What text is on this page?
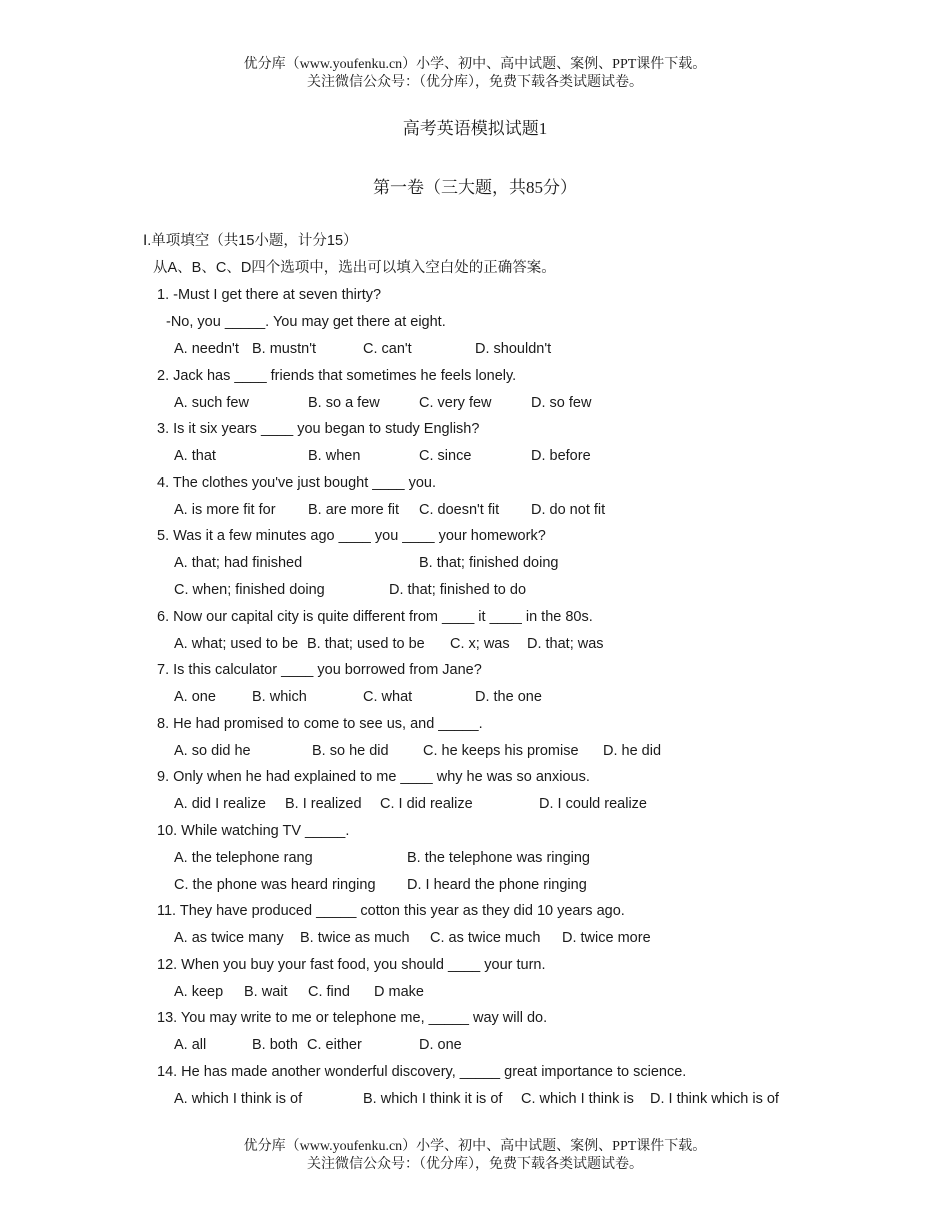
优分库（www.youfenku.cn）小学、初中、高中试题、案例、PPT课件下载。
关注微信公众号：（优分库），免费下载各类试题试卷。
高考英语模拟试题1
第一卷（三大题，共85分）
Ⅰ.单项填空（共15小题，计分15）
从A、B、C、D四个选项中，选出可以填入空白处的正确答案。
1. -Must I get there at seven thirty?
-No, you _____. You may get there at eight.
A. needn't B. mustn't	C. can't	D. shouldn't
2. Jack has ____ friends that sometimes he feels lonely.
A. such few	B. so a few	C. very few	D. so few
3. Is it six years ____ you began to study English?
A. that	B. when	C. since	D. before
4. The clothes you've just bought ____ you.
A. is more fit for B. are more fit C. doesn't fit D. do not fit
5. Was it a few minutes ago ____ you ____ your homework?
A. that; had finished	B. that; finished doing
C. when; finished doing	D. that; finished to do
6. Now our capital city is quite different from ____ it ____ in the 80s.
A. what; used to be B. that; used to be C. x; was D. that; was
7. Is this calculator ____ you borrowed from Jane?
A. one B. which	C. what	D. the one
8. He had promised to come to see us, and _____.
A. so did he	B. so he did C. he keeps his promise D. he did
9. Only when he had explained to me ____ why he was so anxious.
A. did I realize B. I realized C. I did realize	D. I could realize
10. While watching TV _____.
A. the telephone rang	B. the telephone was ringing
C. the phone was heard ringing D. I heard the phone ringing
11. They have produced _____ cotton this year as they did 10 years ago.
A. as twice many B. twice as much C. as twice much D. twice more
12. When you buy your fast food, you should ____ your turn.
A. keep B. wait C. find D make
13. You may write to me or telephone me, _____ way will do.
A. all	B. both C. either	D. one
14. He has made another wonderful discovery, _____ great importance to science.
A. which I think is of	B. which I think it is of C. which I think is D. I think which is of
优分库（www.youfenku.cn）小学、初中、高中试题、案例、PPT课件下载。
关注微信公众号：（优分库），免费下载各类试题试卷。
